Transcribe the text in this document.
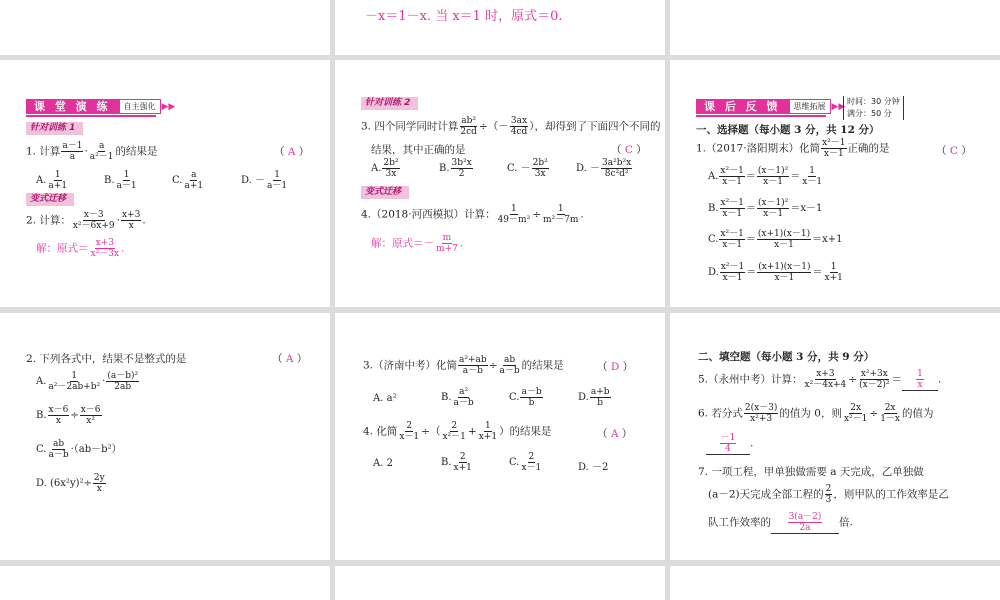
－x＝1－x. 当 x＝1 时，原式＝0.
课 堂 演 练	自主强化 ▶▶
针对训练 1
1. 计算 $\frac{a-1}{a} \cdot \frac{a}{\text{a²－1}}$ 的结果是	（ A ）
A. $\frac{1}{a+1}$	B. $\frac{1}{a-1}$	C. $\frac{a}{a+1}$	D. － $\frac{1}{a-1}$
变式迁移
2. 计算： $\frac{x-3}{\text{x²－6x+9}} \cdot \frac{x+3}{x}$ .
解：原式＝ $\frac{x+3}{\text{x²－3x}}$ .
针对训练 2
3. 四个同学同时计算 $\frac{\text{ab²}}{2cd}$ ÷（－ $\frac{3ax}{4cd}$ ），却得到了下面四个不同的
结果，其中正确的是	（ C ）
A. $\frac{\text{2b²}}{3x}$	B. $\frac{\text{3b²x}}{2}$	C. － $\frac{\text{2b²}}{3x}$	D. － $\frac{\text{3a²b²x}}{\text{8c²d²}}$
变式迁移
4.（2018·河西模拟）计算： $\frac{1}{\text{49－m²}} \div \frac{1}{\text{m²－7m}}$ .
解：原式＝－ $\frac{m}{m+7}$ .
课 后 反 馈	思维拓展 ▶▶ 时间：30 分钟
满分：50 分
一、选择题（每小题 3 分，共 12 分）
1.（2017·洛阳期末）化简 $\frac{\text{x²－1}}{x-1}$ 正确的是	（ C ）
A. $\frac{\text{x²－1}}{x-1} = \frac{\text{(x－1)²}}{x-1} = \frac{1}{x-1}$
B. $\frac{\text{x²－1}}{x-1} = \frac{\text{(x－1)²}}{x-1} =x-1$
C. $\frac{\text{x²－1}}{x-1} = \frac{(x+1)(x-1)}{x-1} =x+1$
D. $\frac{\text{x²－1}}{x-1} = \frac{(x+1)(x-1)}{x-1} = \frac{1}{x+1}$
2. 下列各式中，结果不是整式的是	（ A ）
A. $\frac{1}{\text{a²－2ab+b²}} \cdot \frac{\text{(a－b)²}}{2ab}$
B. $\frac{x-6}{x} \div \frac{x-6}{\text{x²}}$
C. $\frac{ab}{a-b} \cdot(ab-b^2)$
D. $(6x^2y)^2\div \frac{2y}{x}$
3.（济南中考）化简 $\frac{\text{a²+ab}}{a-b} \div \frac{ab}{a-b}$ 的结果是	（ D ）
A. a²	B. $\frac{\text{a²}}{a-b}$	C. $\frac{a-b}{b}$	D. $\frac{a+b}{b}$
4. 化简 $\frac{2}{x-1}$ ÷（ $\frac{2}{\text{x²－1}} + \frac{1}{x+1}$ ）的结果是	（ A ）
A. 2	B. $\frac{2}{x+1}$	C. $\frac{2}{x-1}$	D. －2
二、填空题（每小题 3 分，共 9 分）
5.（永州中考）计算： $\frac{x+3}{\text{x²－4x+4}} \div \frac{\text{x²+3x}}{\text{(x－2)²}} = \frac{1}{x}$ .
6. 若分式 $\frac{2(x-3)}{\text{x²+3}}$ 的值为 0，则 $\frac{2x}{\text{x²－1}} \div \frac{2x}{1-x}$ 的值为
$\frac{-1}{4}$ .
7. 一项工程，甲单独做需要 a 天完成，乙单独做
(a－2)天完成全部工程的 $\frac{2}{3}$ ，则甲队的工作效率是乙
队工作效率的 $\frac{3(a-2)}{2a}$ 倍.
